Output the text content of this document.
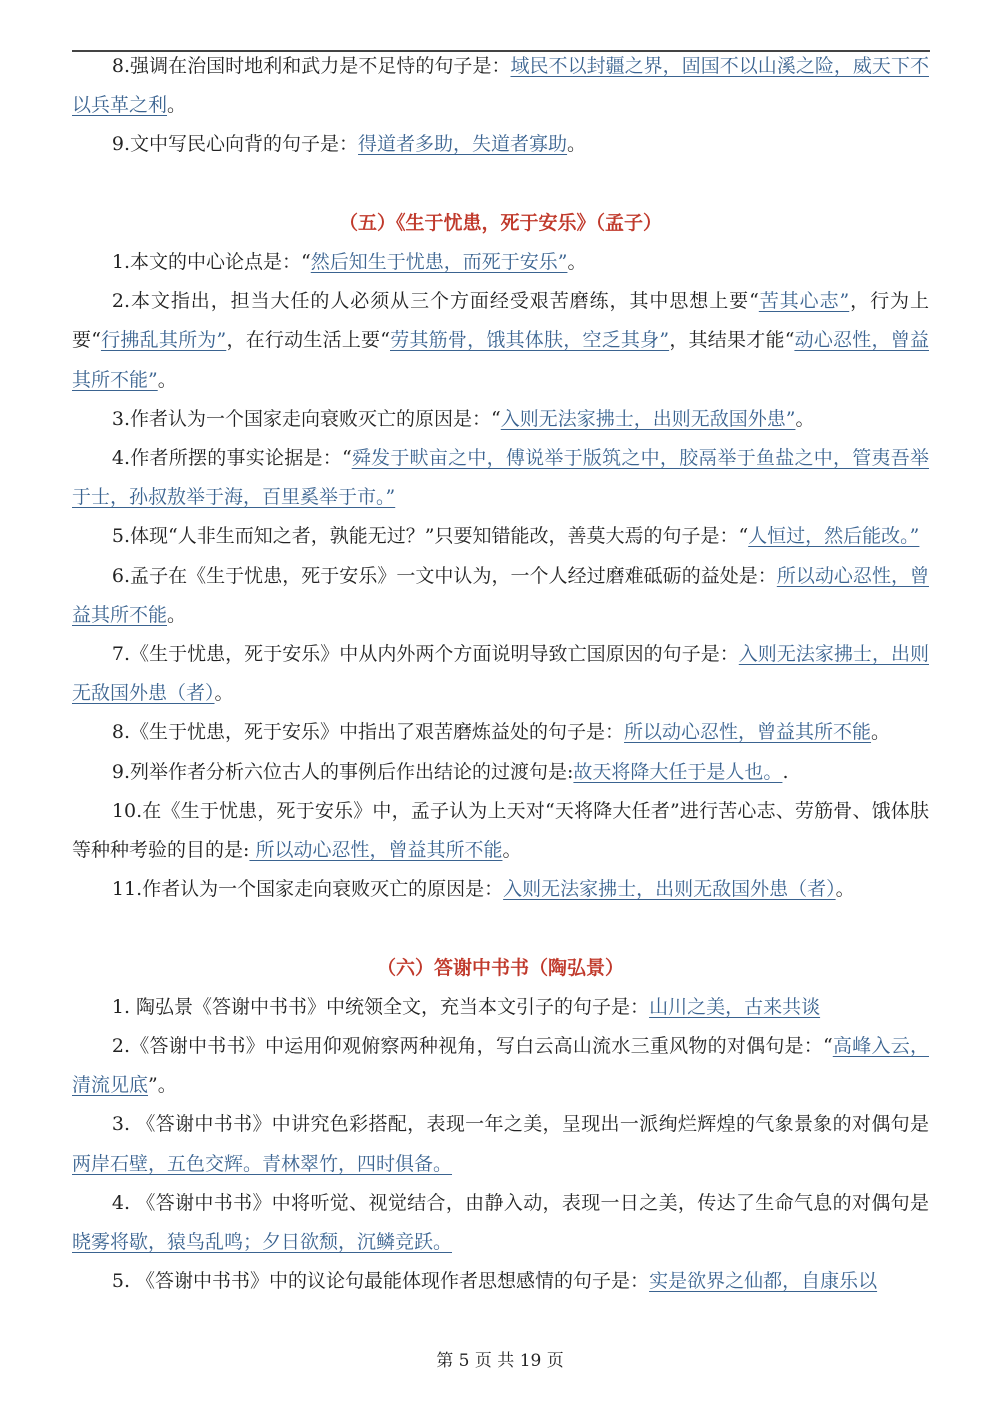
8.强调在治国时地利和武力是不足恃的句子是：域民不以封疆之界，固国不以山溪之险，威天下不以兵革之利。

9.文中写民心向背的句子是：得道者多助，失道者寡助。

（五）《生于忧患，死于安乐》（孟子）

1.本文的中心论点是：“然后知生于忧患，而死于安乐”。

2.本文指出，担当大任的人必须从三个方面经受艰苦磨练，其中思想上要“苦其心志”，行为上要“行拂乱其所为”，在行动生活上要“劳其筋骨，饿其体肤，空乏其身”，其结果才能“动心忍性，曾益其所不能”。

3.作者认为一个国家走向衰败灭亡的原因是：“入则无法家拂士，出则无敌国外患”。

4.作者所摆的事实论据是：“舜发于畎亩之中，傅说举于版筑之中，胶鬲举于鱼盐之中，管夷吾举于士，孙叔敖举于海，百里奚举于市。”

5.体现“人非生而知之者，孰能无过？”只要知错能改，善莫大焉的句子是：“人恒过，然后能改。”

6.孟子在《生于忧患，死于安乐》一文中认为，一个人经过磨难砥砺的益处是：所以动心忍性，曾益其所不能。

7.《生于忧患，死于安乐》中从内外两个方面说明导致亡国原因的句子是：入则无法家拂士，出则无敌国外患（者）。

8.《生于忧患，死于安乐》中指出了艰苦磨炼益处的句子是：所以动心忍性，曾益其所不能。

9.列举作者分析六位古人的事例后作出结论的过渡句是:故天将降大任于是人也。.

10.在《生于忧患，死于安乐》中，孟子认为上天对“天将降大任者”进行苦心志、劳筋骨、饿体肤等种种考验的目的是: 所以动心忍性，曾益其所不能。

11.作者认为一个国家走向衰败灭亡的原因是：入则无法家拂士，出则无敌国外患（者）。

（六）答谢中书书（陶弘景）

1. 陶弘景《答谢中书书》中统领全文，充当本文引子的句子是：山川之美，古来共谈

2.《答谢中书书》中运用仰观俯察两种视角，写白云高山流水三重风物的对偶句是：“高峰入云，清流见底”。

3. 《答谢中书书》中讲究色彩搭配，表现一年之美，呈现出一派绚烂辉煌的气象景象的对偶句是两岸石壁，五色交辉。青林翠竹，四时俱备。

4. 《答谢中书书》中将听觉、视觉结合，由静入动，表现一日之美，传达了生命气息的对偶句是晓雾将歇，猿鸟乱鸣；夕日欲颓，沉鳞竞跃。

5. 《答谢中书书》中的议论句最能体现作者思想感情的句子是：实是欲界之仙都，自康乐以

第 5 页 共 19 页
